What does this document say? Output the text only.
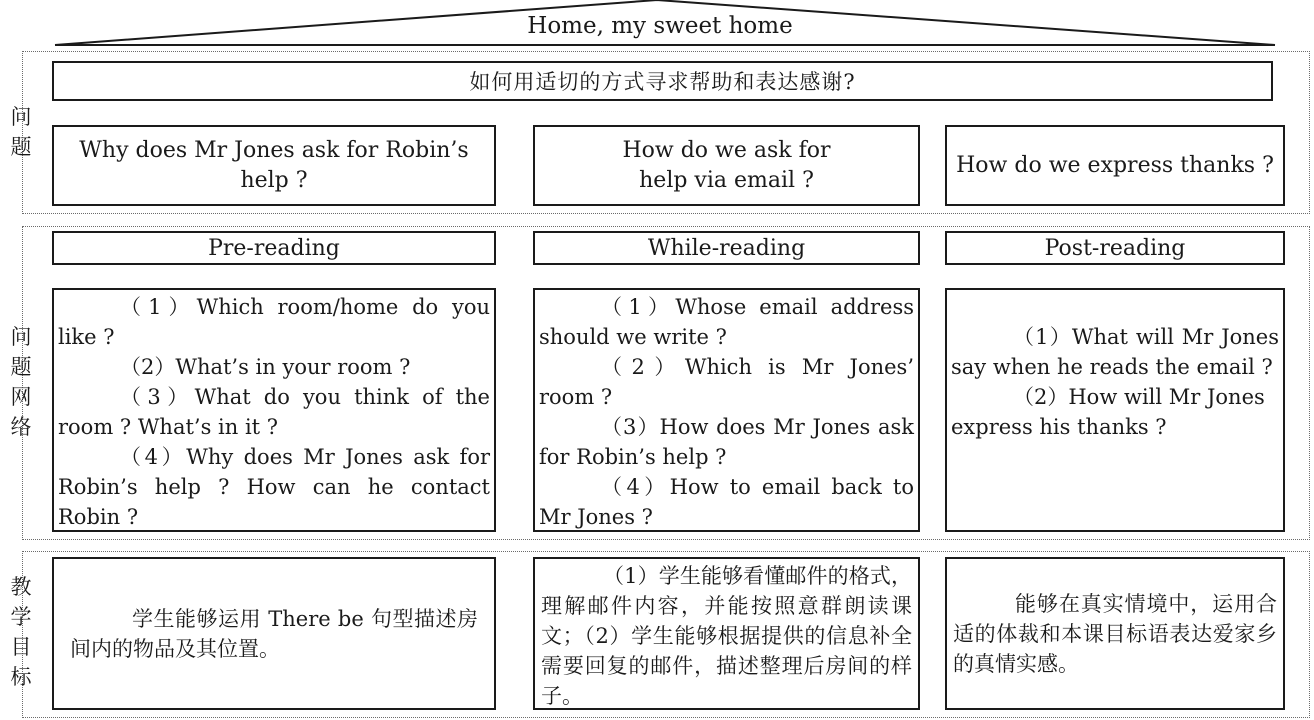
Home, my sweet home
问题
问题网络
教学目标
如何用适切的方式寻求帮助和表达感谢?
Why does Mr Jones ask for Robin’s help ?
How do we ask for help via email ?
How do we express thanks ?
Pre-reading	While-reading	Post-reading
（1）Which room/home do you like ?
（2）What’s in your room ?
（3）What do you think of the room ? What’s in it ?
（4）Why does Mr Jones ask for Robin’s help ? How can he contact Robin ?
（1）Whose email address should we write ?
（2）Which is Mr Jones’ room ?
（3）How does Mr Jones ask for Robin’s help ?
（4）How to email back to Mr Jones ?
（1）What will Mr Jones say when he reads the email ?
（2）How will Mr Jones express his thanks ?
学生能够运用 There be 句型描述房间内的物品及其位置。
（1）学生能够看懂邮件的格式，理解邮件内容，并能按照意群朗读课文；（2）学生能够根据提供的信息补全需要回复的邮件，描述整理后房间的样子。
能够在真实情境中，运用合适的体裁和本课目标语表达爱家乡的真情实感。
